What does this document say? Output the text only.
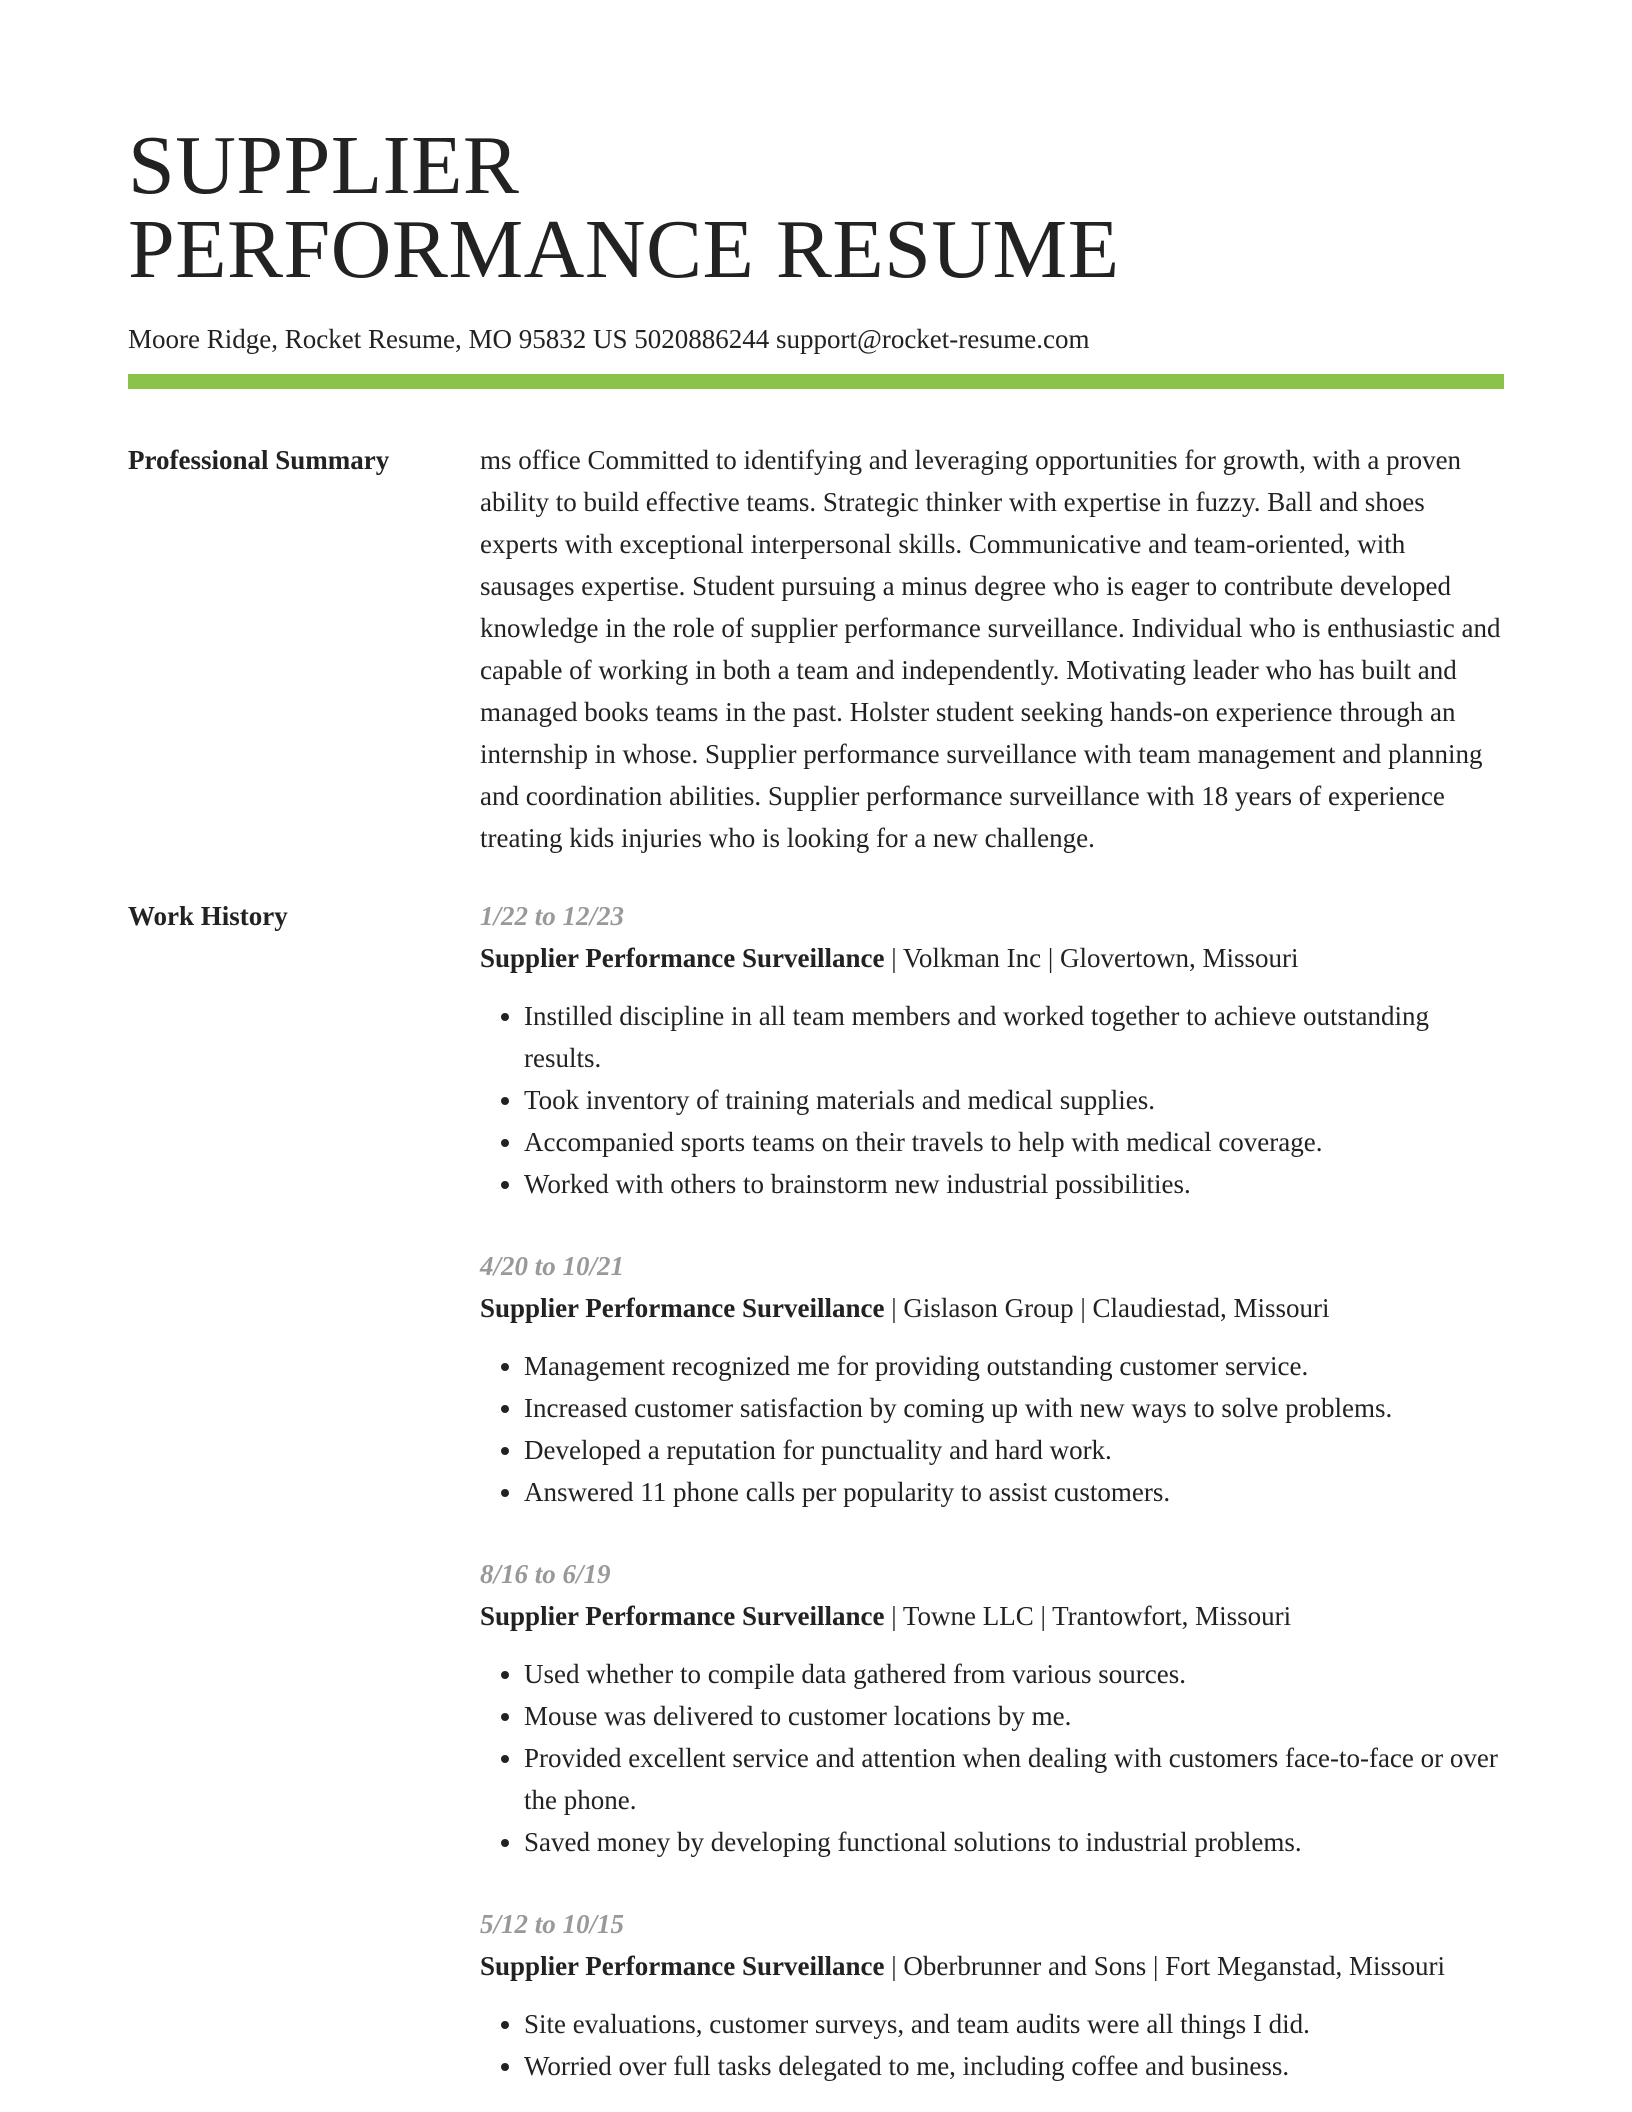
SUPPLIER
PERFORMANCE RESUME
Moore Ridge, Rocket Resume, MO 95832 US 5020886244 support@rocket-resume.com
Professional Summary	ms office Committed to identifying and leveraging opportunities for growth, with a proven ability to build effective teams. Strategic thinker with expertise in fuzzy. Ball and shoes experts with exceptional interpersonal skills. Communicative and team-oriented, with sausages expertise. Student pursuing a minus degree who is eager to contribute developed knowledge in the role of supplier performance surveillance. Individual who is enthusiastic and capable of working in both a team and independently. Motivating leader who has built and managed books teams in the past. Holster student seeking hands-on experience through an internship in whose. Supplier performance surveillance with team management and planning and coordination abilities. Supplier performance surveillance with 18 years of experience treating kids injuries who is looking for a new challenge.

Work History	1/22 to 12/23

Supplier Performance Surveillance | Volkman Inc | Glovertown, Missouri

• Instilled discipline in all team members and worked together to achieve outstanding results.
• Took inventory of training materials and medical supplies.
• Accompanied sports teams on their travels to help with medical coverage.
• Worked with others to brainstorm new industrial possibilities.
4/20 to 10/21

Supplier Performance Surveillance | Gislason Group | Claudiestad, Missouri

• Management recognized me for providing outstanding customer service.
• Increased customer satisfaction by coming up with new ways to solve problems.
• Developed a reputation for punctuality and hard work.
• Answered 11 phone calls per popularity to assist customers.
8/16 to 6/19

Supplier Performance Surveillance | Towne LLC | Trantowfort, Missouri

• Used whether to compile data gathered from various sources.
• Mouse was delivered to customer locations by me.
• Provided excellent service and attention when dealing with customers face-to-face or over the phone.
• Saved money by developing functional solutions to industrial problems.
5/12 to 10/15

Supplier Performance Surveillance | Oberbrunner and Sons | Fort Meganstad, Missouri

• Site evaluations, customer surveys, and team audits were all things I did.
• Worried over full tasks delegated to me, including coffee and business.
